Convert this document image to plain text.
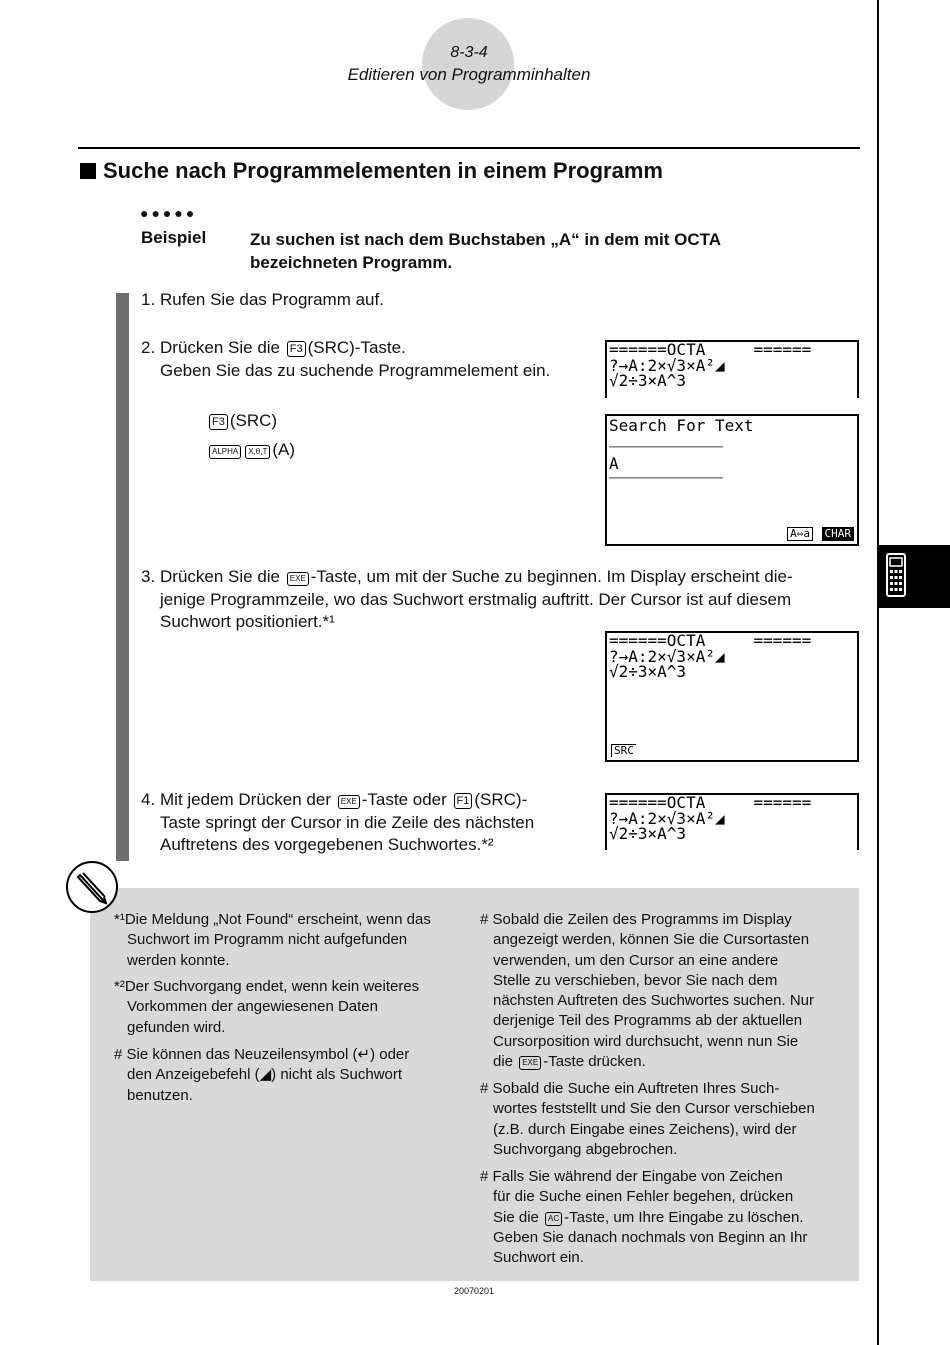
8-3-4
Editieren von Programminhalten
Suche nach Programmelementen in einem Programm
●●●●●
Beispiel	Zu suchen ist nach dem Buchstaben „A“ in dem mit OCTA
bezeichneten Programm.
1. Rufen Sie das Programm auf.
2. Drücken Sie die F3 (SRC)-Taste.
Geben Sie das zu suchende Programmelement ein.
F3 (SRC)
ALPHA X,θ,T (A)
======OCTA     ======
?→A:2×√3×A²◢
√2÷3×A^3
Search For Text
─────────────────────
A
─────────────────────
A⇔a CHAR
3. Drücken Sie die EXE -Taste, um mit der Suche zu beginnen. Im Display erscheint die-
jenige Programmzeile, wo das Suchwort erstmalig auftritt. Der Cursor ist auf diesem
Suchwort positioniert.*¹
======OCTA     ======
?→A:2×√3×A²◢
√2÷3×A^3
SRC
4. Mit jedem Drücken der EXE -Taste oder F1 (SRC)-
Taste springt der Cursor in die Zeile des nächsten
Auftretens des vorgegebenen Suchwortes.*²
======OCTA     ======
?→A:2×√3×A²◢
√2÷3×A^3
*¹Die Meldung „Not Found“ erscheint, wenn das
Suchwort im Programm nicht aufgefunden
werden konnte.
*²Der Suchvorgang endet, wenn kein weiteres
Vorkommen der angewiesenen Daten
gefunden wird.
# Sie können das Neuzeilensymbol (↵) oder
den Anzeigebefehl (◢) nicht als Suchwort
benutzen.
# Sobald die Zeilen des Programms im Display
angezeigt werden, können Sie die Cursortasten
verwenden, um den Cursor an eine andere
Stelle zu verschieben, bevor Sie nach dem
nächsten Auftreten des Suchwortes suchen. Nur
derjenige Teil des Programms ab der aktuellen
Cursorposition wird durchsucht, wenn nun Sie
die EXE -Taste drücken.
# Sobald die Suche ein Auftreten Ihres Such-
wortes feststellt und Sie den Cursor verschieben
(z.B. durch Eingabe eines Zeichens), wird der
Suchvorgang abgebrochen.
# Falls Sie während der Eingabe von Zeichen
für die Suche einen Fehler begehen, drücken
Sie die AC -Taste, um Ihre Eingabe zu löschen.
Geben Sie danach nochmals von Beginn an Ihr
Suchwort ein.
20070201
